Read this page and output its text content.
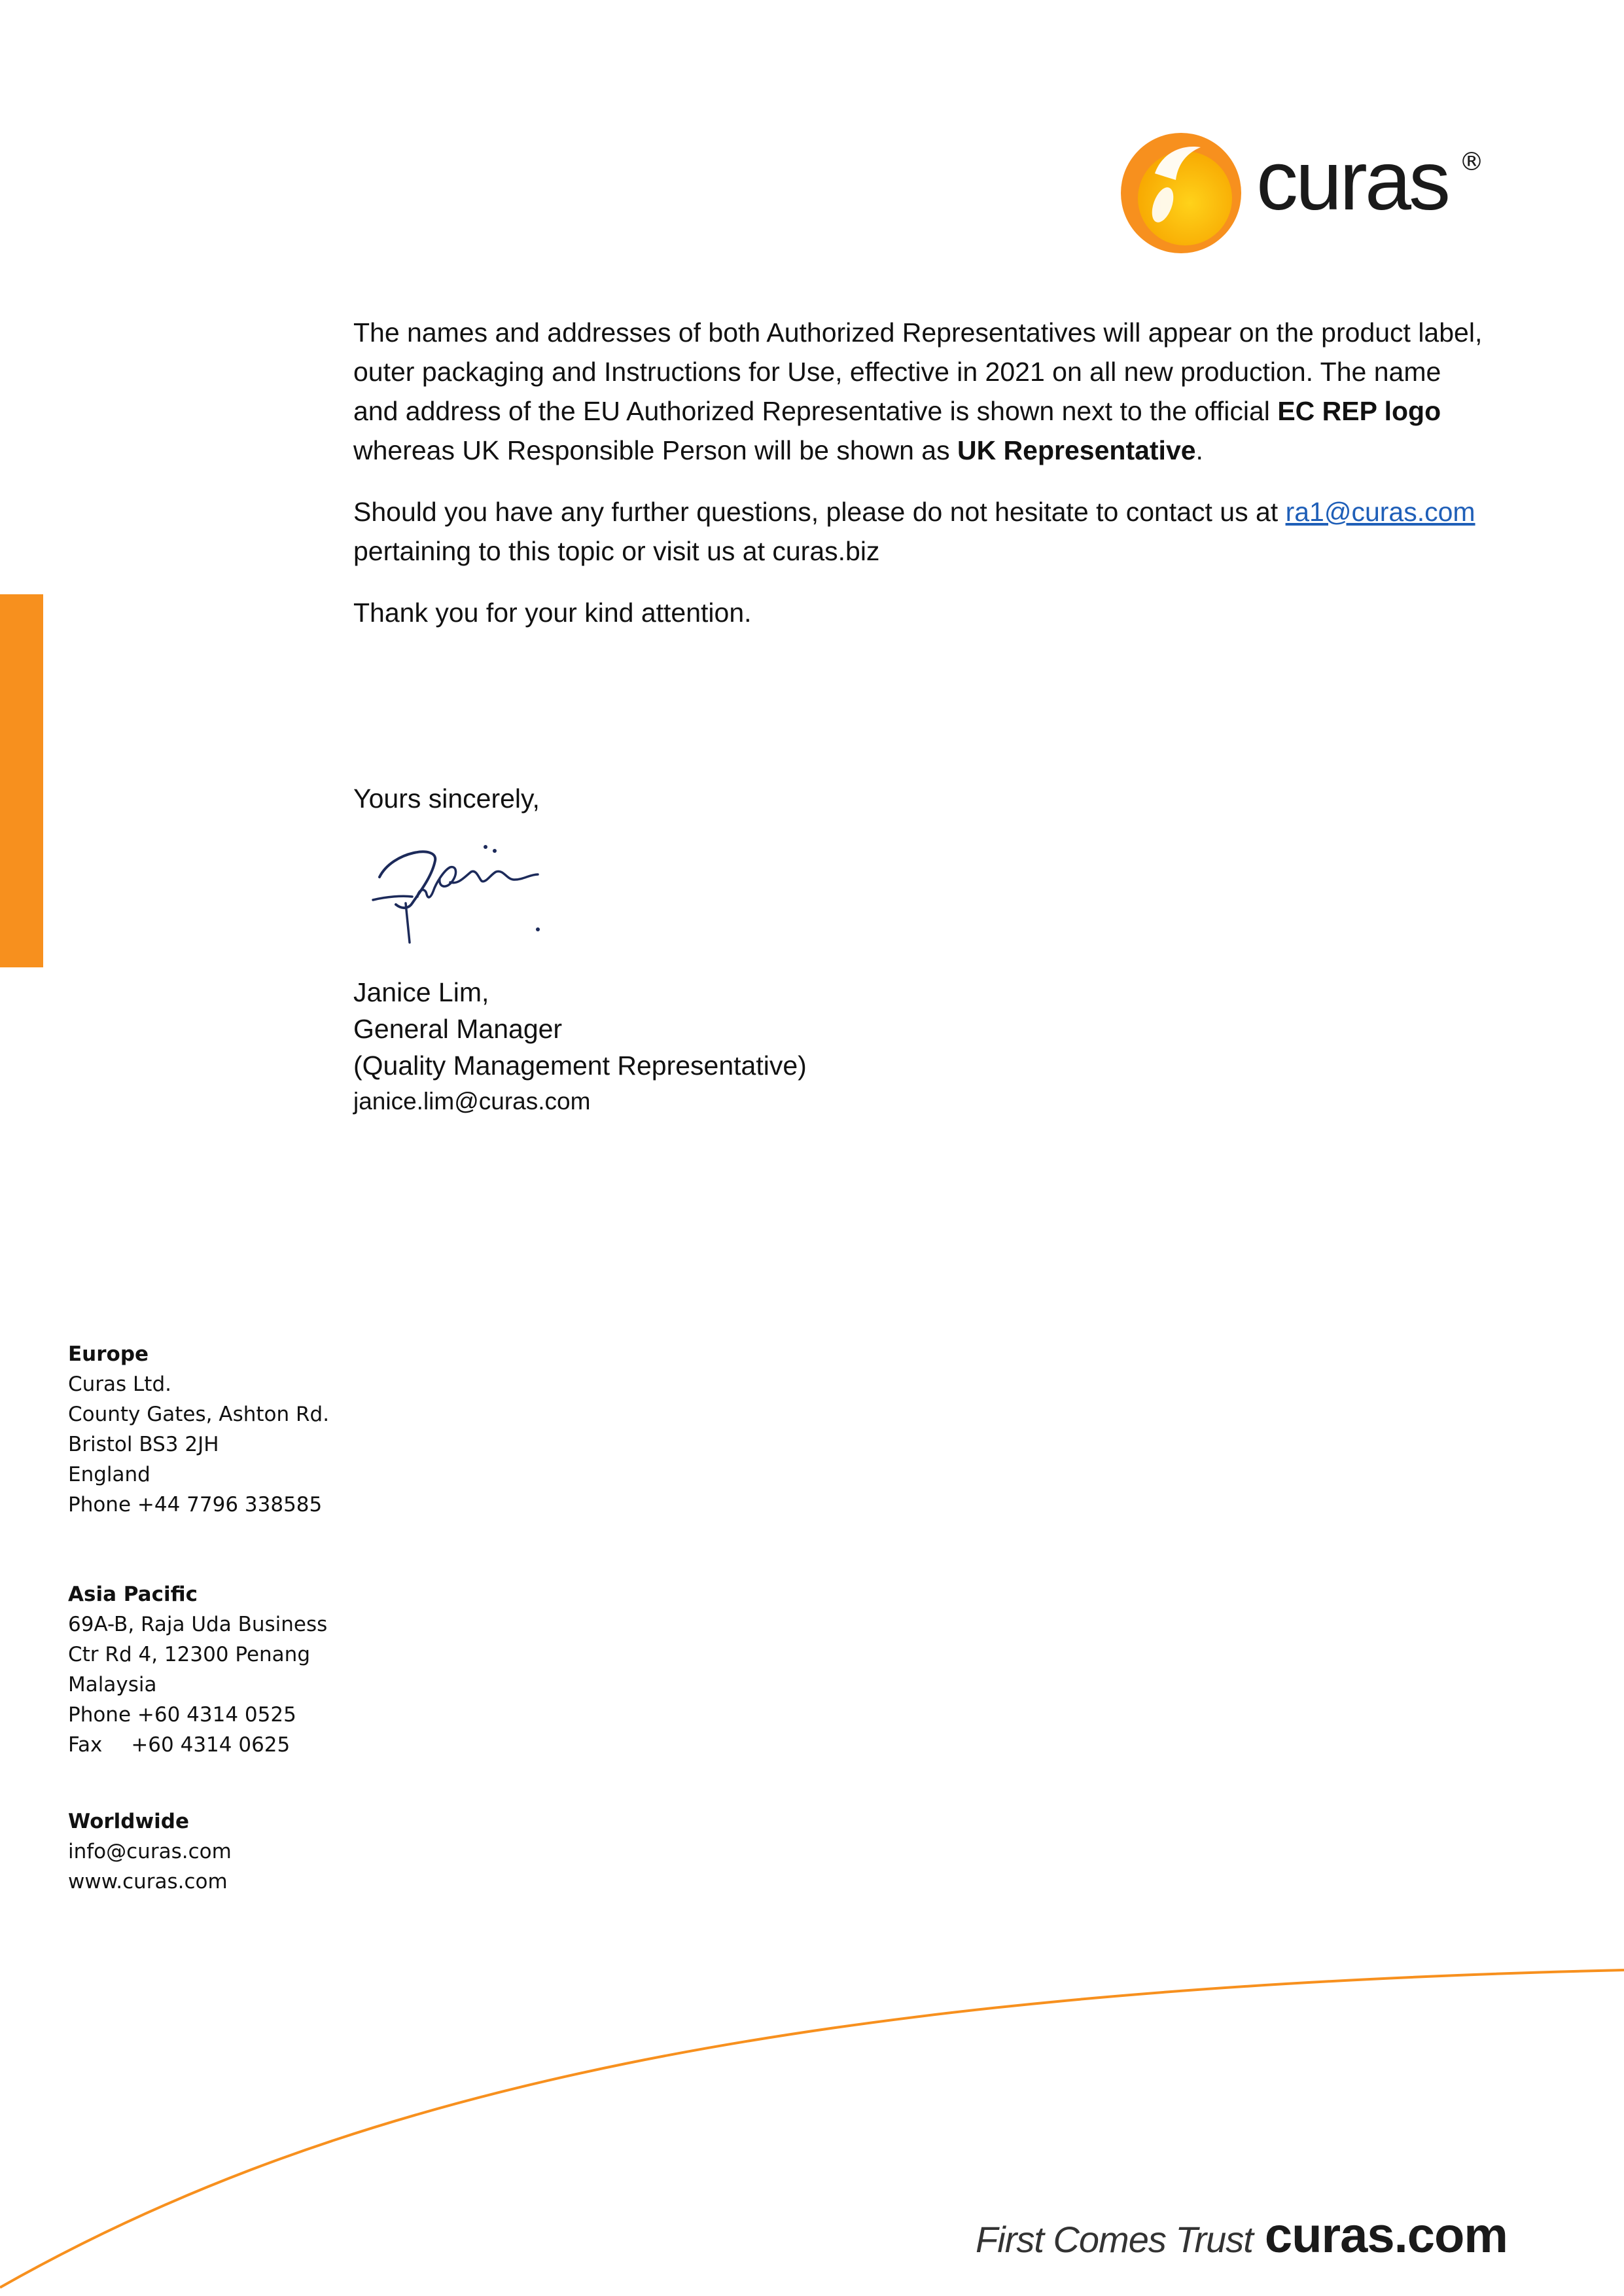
curas ®

The names and addresses of both Authorized Representatives will appear on the product label, outer packaging and Instructions for Use, effective in 2021 on all new production. The name and address of the EU Authorized Representative is shown next to the official EC REP logo whereas UK Responsible Person will be shown as UK Representative.

Should you have any further questions, please do not hesitate to contact us at ra1@curas.com pertaining to this topic or visit us at curas.biz

Thank you for your kind attention.

Yours sincerely,
Janice Lim,
General Manager
(Quality Management Representative)
janice.lim@curas.com
Europe
Curas Ltd.
County Gates, Ashton Rd.
Bristol BS3 2JH
England
Phone +44 7796 338585
Asia Pacific
69A-B, Raja Uda Business
Ctr Rd 4, 12300 Penang
Malaysia
Phone +60 4314 0525
Fax +60 4314 0625
Worldwide
info@curas.com
www.curas.com
First Comes Trust curas.com
